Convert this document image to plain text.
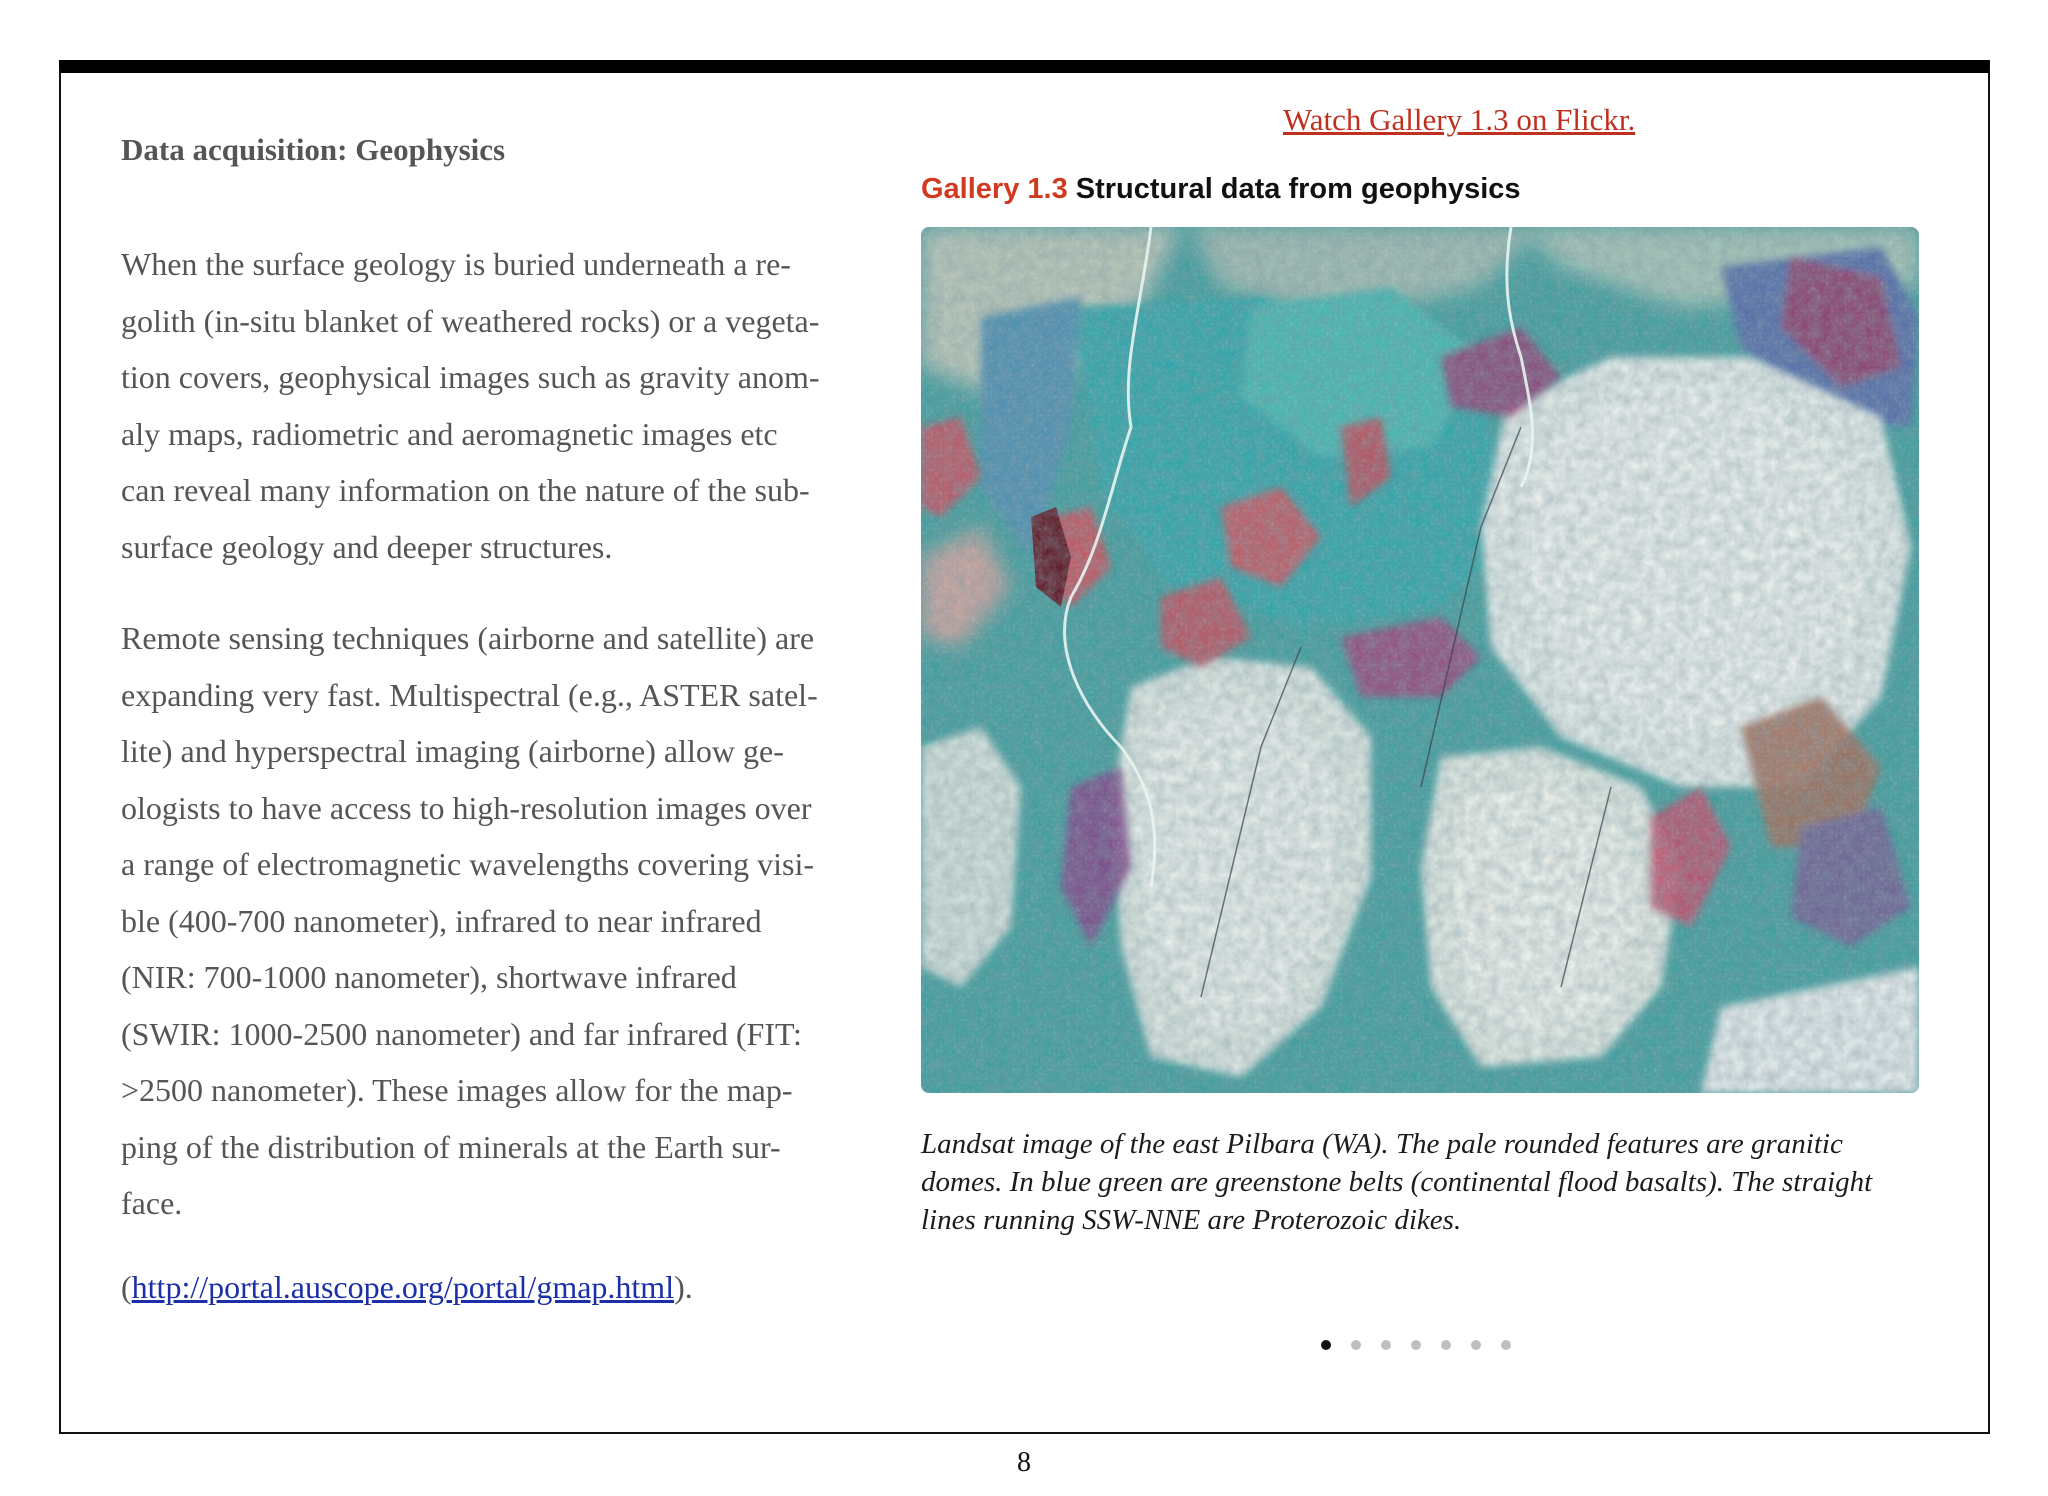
Data acquisition: Geophysics
When the surface geology is buried underneath a re-
golith (in-situ blanket of weathered rocks) or a vegeta-
tion covers, geophysical images such as gravity anom-
aly maps, radiometric and aeromagnetic images etc
can reveal many information on the nature of the sub-
surface geology and deeper structures.
Remote sensing techniques (airborne and satellite) are
expanding very fast. Multispectral (e.g., ASTER satel-
lite) and hyperspectral imaging (airborne) allow ge-
ologists to have access to high-resolution images over
a range of electromagnetic wavelengths covering visi-
ble (400-700 nanometer), infrared to near infrared
(NIR: 700-1000 nanometer), shortwave infrared
(SWIR: 1000-2500 nanometer) and far infrared (FIT:
>2500 nanometer). These images allow for the map-
ping of the distribution of minerals at the Earth sur-
face.

(http://portal.auscope.org/portal/gmap.html).

Watch Gallery 1.3 on Flickr.
Gallery 1.3 Structural data from geophysics

Landsat image of the east Pilbara (WA). The pale rounded features are granitic
domes. In blue green are greenstone belts (continental flood basalts). The straight
lines running SSW-NNE are Proterozoic dikes.

8
